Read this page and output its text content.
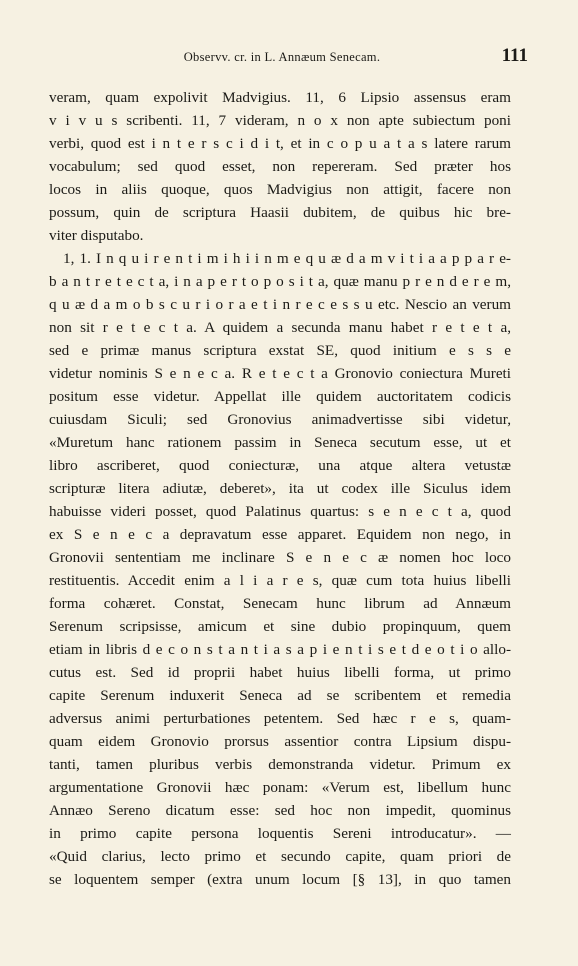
Observv. cr. in L. Annæum Senecam.	111
veram, quam expolivit Madvigius. 11, 6 Lipsio assensus eram
v i v u s scribenti. 11, 7 videram, n o x non apte subiectum poni
verbi, quod est i n t e r s c i d i t, et in c o p u a t a s latere rarum
vocabulum; sed quod esset, non repereram. Sed præter hos
locos in aliis quoque, quos Madvigius non attigit, facere non
possum, quin de scriptura Haasii dubitem, de quibus hic bre-
viter disputabo.
1, 1. I n q u i r e n t i m i h i i n m e q u æ d a m v i t i a a p p a r e-
b a n t r e t e c t a, i n a p e r t o p o s i t a, quæ manu p r e n d e r e m,
q u æ d a m o b s c u r i o r a e t i n r e c e s s u etc. Nescio an verum
non sit r e t e c t a. A quidem a secunda manu habet r e t e t a,
sed e primæ manus scriptura exstat SE, quod initium e s s e
videtur nominis S e n e c a. R e t e c t a Gronovio coniectura Mureti
positum esse videtur. Appellat ille quidem auctoritatem codicis
cuiusdam Siculi; sed Gronovius animadvertisse sibi videtur,
«Muretum hanc rationem passim in Seneca secutum esse, ut et
libro ascriberet, quod coniecturæ, una atque altera vetustæ
scripturæ litera adiutæ, deberet», ita ut codex ille Siculus idem
habuisse videri posset, quod Palatinus quartus: s e n e c t a, quod
ex S e n e c a depravatum esse apparet. Equidem non nego, in
Gronovii sententiam me inclinare S e n e c æ nomen hoc loco
restituentis. Accedit enim a l i a r e s, quæ cum tota huius libelli
forma cohæret. Constat, Senecam hunc librum ad Annæum
Serenum scripsisse, amicum et sine dubio propinquum, quem
etiam in libris d e c o n s t a n t i a s a p i e n t i s e t d e o t i o allo-
cutus est. Sed id proprii habet huius libelli forma, ut primo
capite Serenum induxerit Seneca ad se scribentem et remedia
adversus animi perturbationes petentem. Sed hæc r e s, quam-
quam eidem Gronovio prorsus assentior contra Lipsium dispu-
tanti, tamen pluribus verbis demonstranda videtur. Primum ex
argumentatione Gronovii hæc ponam: «Verum est, libellum hunc
Annæo Sereno dicatum esse: sed hoc non impedit, quominus
in primo capite persona loquentis Sereni introducatur». —
«Quid clarius, lecto primo et secundo capite, quam priori de
se loquentem semper (extra unum locum [§ 13], in quo tamen
